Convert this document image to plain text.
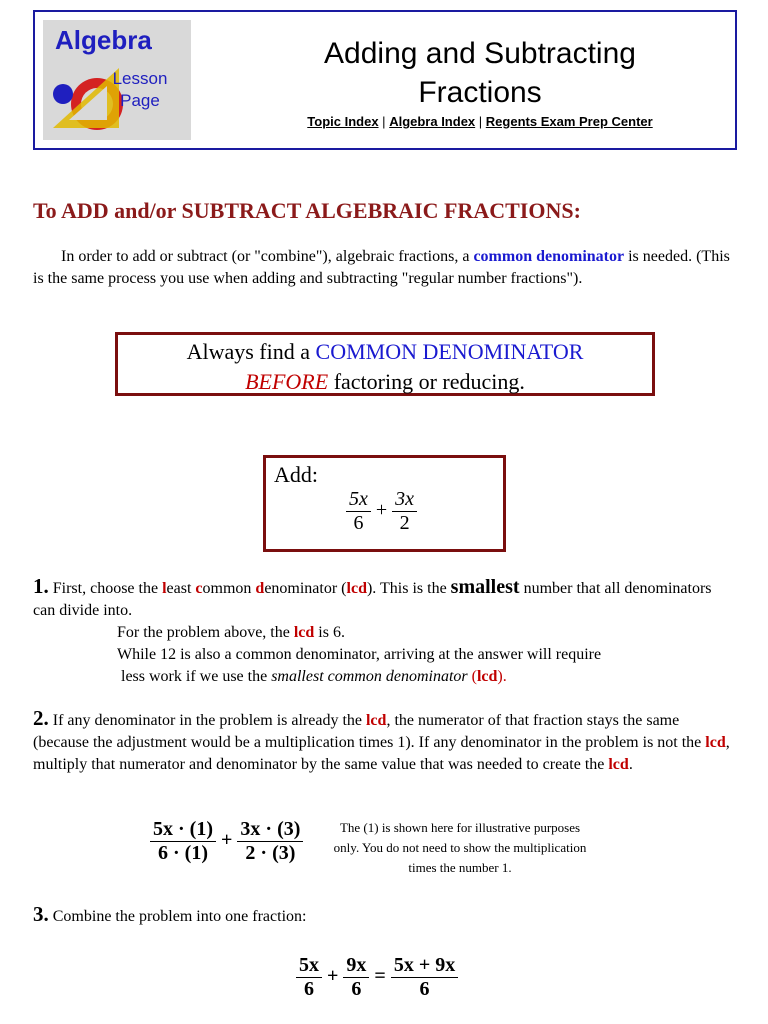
Algebra
Lesson
Page
Adding and Subtracting
Fractions
Topic Index | Algebra Index | Regents Exam Prep Center
To ADD and/or SUBTRACT ALGEBRAIC FRACTIONS:
In order to add or subtract (or "combine"), algebraic fractions, a common denominator is needed. (This is the same process you use when adding and subtracting "regular number fractions").
Always find a COMMON DENOMINATOR
BEFORE factoring or reducing.
Add:
$\frac{5x}{6} + \frac{3x}{2}$
1. First, choose the least common denominator (lcd). This is the smallest number that all denominators can divide into.
For the problem above, the lcd is 6.
While 12 is also a common denominator, arriving at the answer will require
less work if we use the smallest common denominator (lcd).
2. If any denominator in the problem is already the lcd, the numerator of that fraction stays the same (because the adjustment would be a multiplication times 1). If any denominator in the problem is not the lcd, multiply that numerator and denominator by the same value that was needed to create the lcd.
$\frac{5x \cdot (1)}{6 \cdot (1)} + \frac{3x \cdot (3)}{2 \cdot (3)}$	The (1) is shown here for illustrative purposes only. You do not need to show the multiplication times the number 1.
3. Combine the problem into one fraction:
$\frac{5x}{6} + \frac{9x}{6} = \frac{5x + 9x}{6}$
